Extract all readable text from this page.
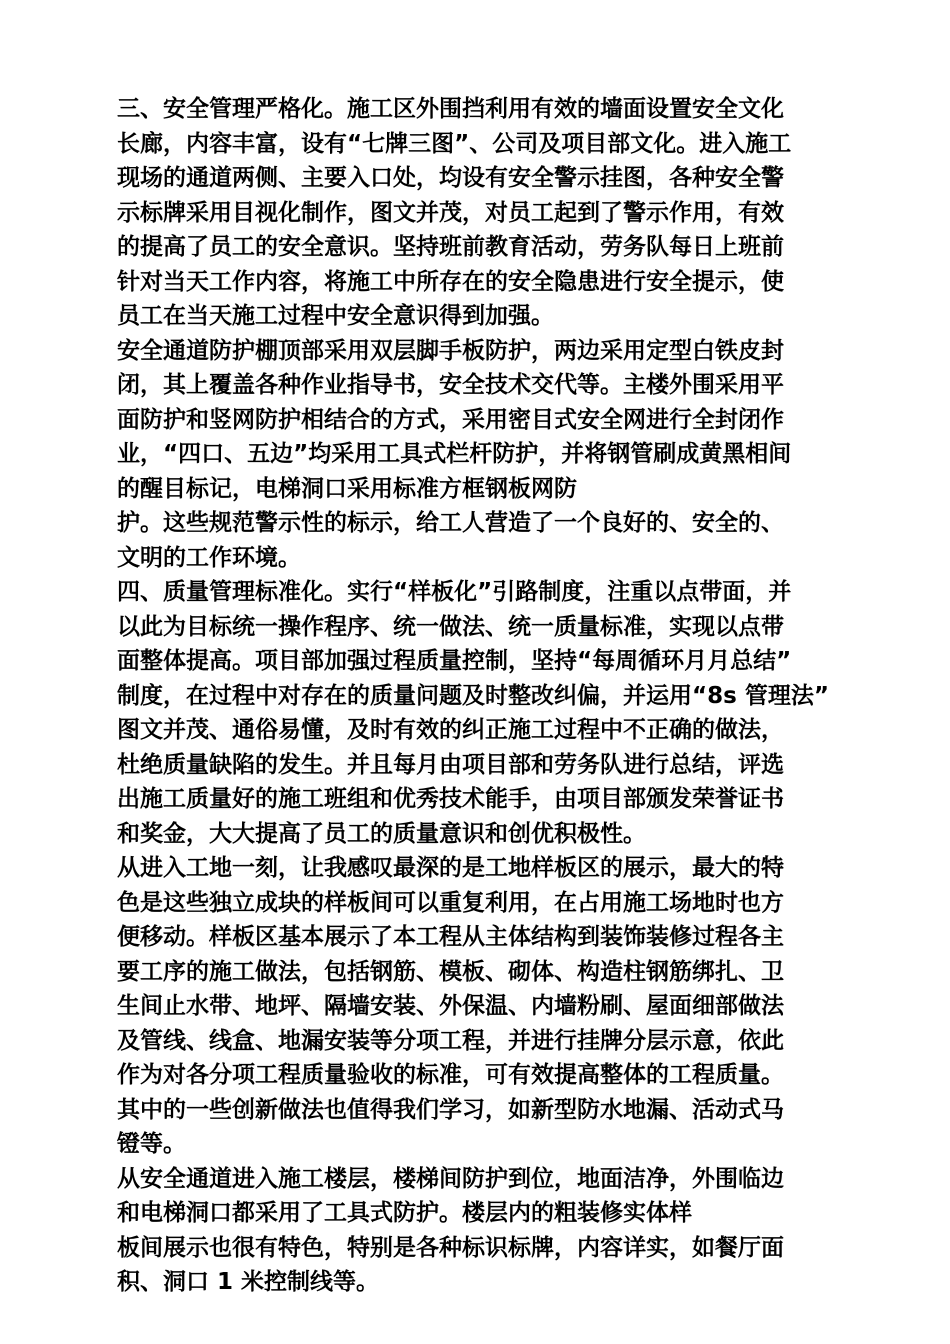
三、安全管理严格化。施工区外围挡利用有效的墙面设置安全文化
长廊，内容丰富，设有“七牌三图”、公司及项目部文化。进入施工
现场的通道两侧、主要入口处，均设有安全警示挂图，各种安全警
示标牌采用目视化制作，图文并茂，对员工起到了警示作用，有效
的提高了员工的安全意识。坚持班前教育活动，劳务队每日上班前
针对当天工作内容，将施工中所存在的安全隐患进行安全提示，使
员工在当天施工过程中安全意识得到加强。
安全通道防护棚顶部采用双层脚手板防护，两边采用定型白铁皮封
闭，其上覆盖各种作业指导书，安全技术交代等。主楼外围采用平
面防护和竖网防护相结合的方式，采用密目式安全网进行全封闭作
业，“四口、五边”均采用工具式栏杆防护，并将钢管刷成黄黑相间
的醒目标记，电梯洞口采用标准方框钢板网防
护。这些规范警示性的标示，给工人营造了一个良好的、安全的、
文明的工作环境。
四、质量管理标准化。实行“样板化”引路制度，注重以点带面，并
以此为目标统一操作程序、统一做法、统一质量标准，实现以点带
面整体提高。项目部加强过程质量控制，坚持“每周循环月月总结”
制度，在过程中对存在的质量问题及时整改纠偏，并运用“8s 管理法”
图文并茂、通俗易懂，及时有效的纠正施工过程中不正确的做法，
杜绝质量缺陷的发生。并且每月由项目部和劳务队进行总结，评选
出施工质量好的施工班组和优秀技术能手，由项目部颁发荣誉证书
和奖金，大大提高了员工的质量意识和创优积极性。
从进入工地一刻，让我感叹最深的是工地样板区的展示，最大的特
色是这些独立成块的样板间可以重复利用，在占用施工场地时也方
便移动。样板区基本展示了本工程从主体结构到装饰装修过程各主
要工序的施工做法，包括钢筋、模板、砌体、构造柱钢筋绑扎、卫
生间止水带、地坪、隔墙安装、外保温、内墙粉刷、屋面细部做法
及管线、线盒、地漏安装等分项工程，并进行挂牌分层示意，依此
作为对各分项工程质量验收的标准，可有效提高整体的工程质量。
其中的一些创新做法也值得我们学习，如新型防水地漏、活动式马
镫等。
从安全通道进入施工楼层，楼梯间防护到位，地面洁净，外围临边
和电梯洞口都采用了工具式防护。楼层内的粗装修实体样
板间展示也很有特色，特别是各种标识标牌，内容详实，如餐厅面
积、洞口 1 米控制线等。
